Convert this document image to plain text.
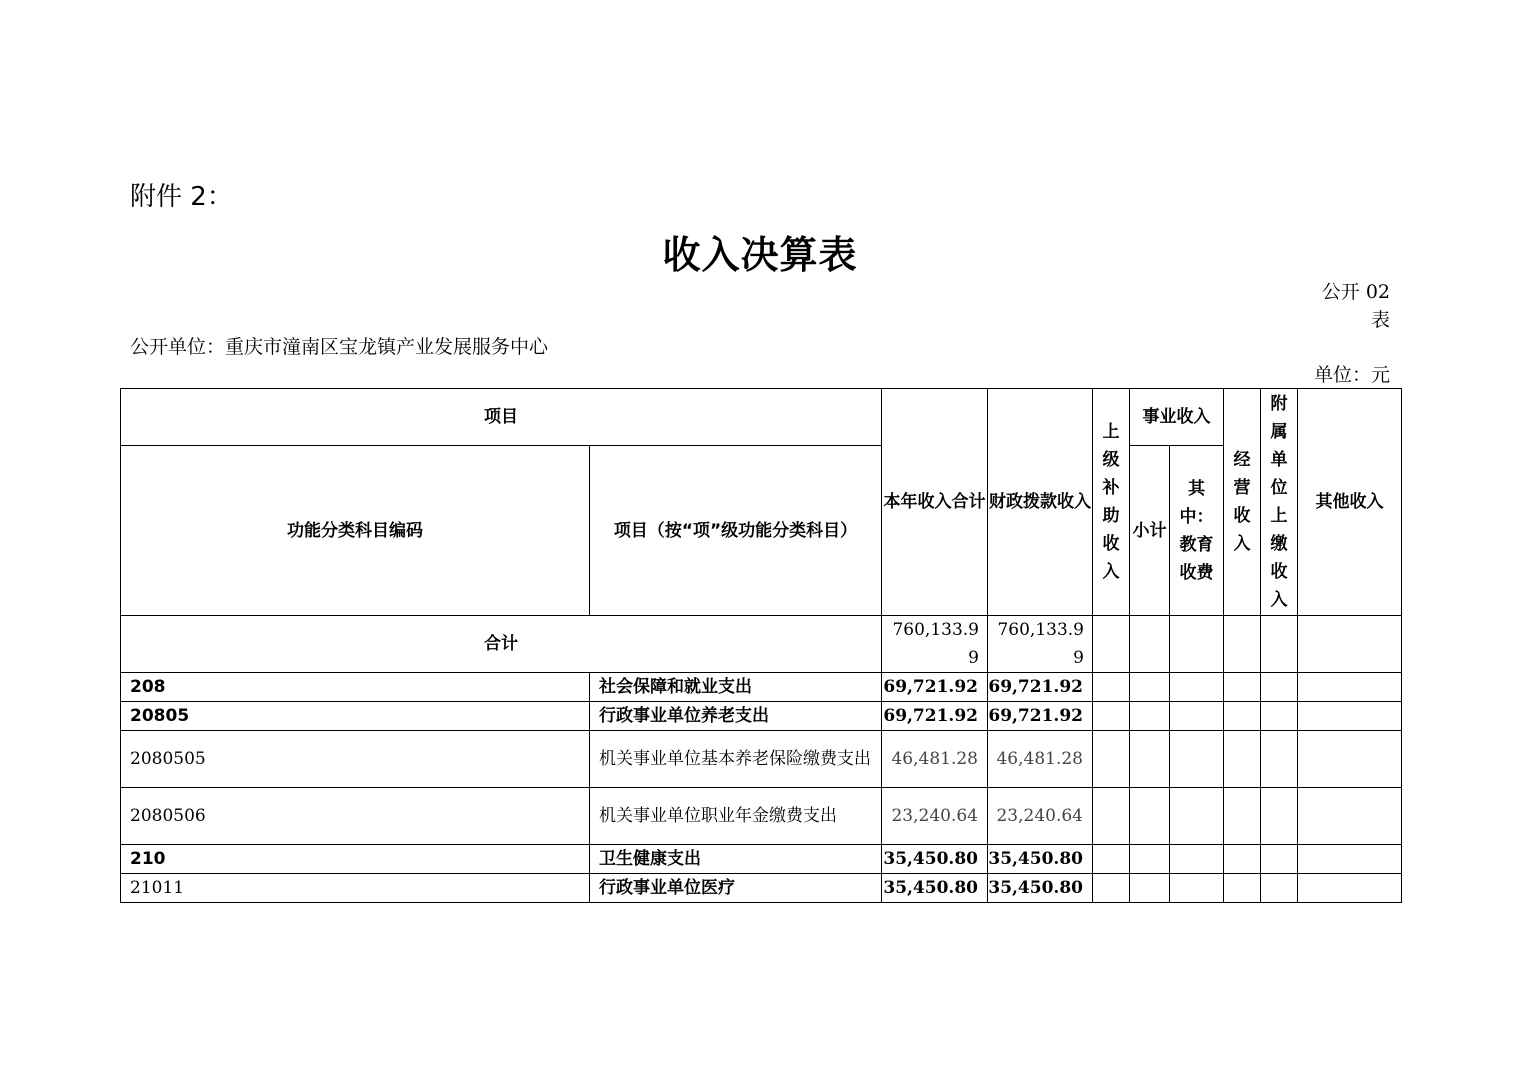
附件 2：
收入决算表
公开 02 表
公开单位：重庆市潼南区宝龙镇产业发展服务中心
单位：元
项目		本年收入合计	财政拨款收入	上级补助收入	事业收入		经营收入	附属单位上缴收入	其他收入
功能分类科目编码	项目（按“项”级功能分类科目）				小计	其中：教育收费			
合计		760,133.99	760,133.99						
208	社会保障和就业支出	69,721.92	69,721.92						
20805	行政事业单位养老支出	69,721.92	69,721.92						
2080505	机关事业单位基本养老保险缴费支出	46,481.28	46,481.28						
2080506	机关事业单位职业年金缴费支出	23,240.64	23,240.64						
210	卫生健康支出	35,450.80	35,450.80						
21011	行政事业单位医疗	35,450.80	35,450.80						
